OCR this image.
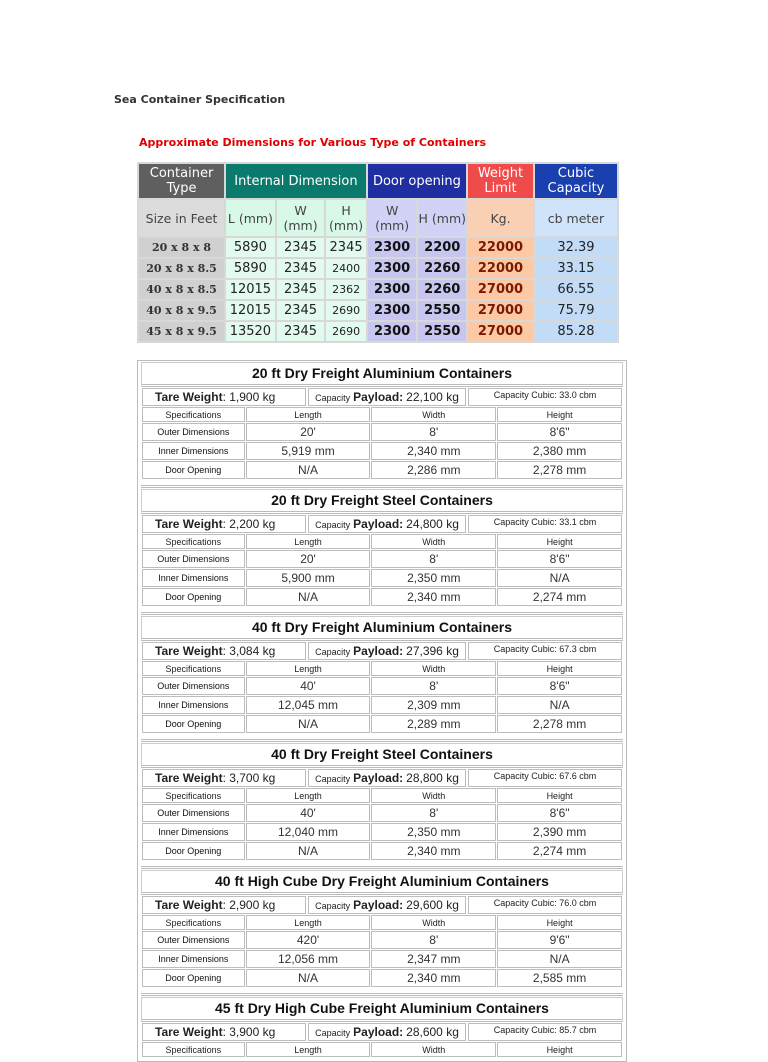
Sea Container Specification
Approximate Dimensions for Various Type of Containers
Container Type	Internal Dimension			Door opening		Weight Limit	Cubic Capacity
Size in Feet	L (mm)	W (mm)	H (mm)	W (mm)	H (mm)	Kg.	cb meter
20 x 8 x 8	5890	2345	2345	2300	2200	22000	32.39
20 x 8 x 8.5	5890	2345	2400	2300	2260	22000	33.15
40 x 8 x 8.5	12015	2345	2362	2300	2260	27000	66.55
40 x 8 x 9.5	12015	2345	2690	2300	2550	27000	75.79
45 x 8 x 9.5	13520	2345	2690	2300	2550	27000	85.28
20 ft Dry Freight Aluminium Containers
Tare Weight: 1,900 kg Capacity Payload: 22,100 kg Capacity Cubic: 33.0 cbm			

Specifications	Length	Width	Height
Outer Dimensions	20'	8'	8'6"
Inner Dimensions	5,919 mm	2,340 mm	2,380 mm
Door Opening	N/A	2,286 mm	2,278 mm
20 ft Dry Freight Steel Containers
Tare Weight: 2,200 kg Capacity Payload: 24,800 kg Capacity Cubic: 33.1 cbm			

Specifications	Length	Width	Height
Outer Dimensions	20'	8'	8'6"
Inner Dimensions	5,900 mm	2,350 mm	N/A
Door Opening	N/A	2,340 mm	2,274 mm
40 ft Dry Freight Aluminium Containers
Tare Weight: 3,084 kg Capacity Payload: 27,396 kg Capacity Cubic: 67.3 cbm			

Specifications	Length	Width	Height
Outer Dimensions	40'	8'	8'6"
Inner Dimensions	12,045 mm	2,309 mm	N/A
Door Opening	N/A	2,289 mm	2,278 mm
40 ft Dry Freight Steel Containers
Tare Weight: 3,700 kg Capacity Payload: 28,800 kg Capacity Cubic: 67.6 cbm			

Specifications	Length	Width	Height
Outer Dimensions	40'	8'	8'6"
Inner Dimensions	12,040 mm	2,350 mm	2,390 mm
Door Opening	N/A	2,340 mm	2,274 mm
40 ft High Cube Dry Freight Aluminium Containers
Tare Weight: 2,900 kg Capacity Payload: 29,600 kg Capacity Cubic: 76.0 cbm			

Specifications	Length	Width	Height
Outer Dimensions	420'	8'	9'6"
Inner Dimensions	12,056 mm	2,347 mm	N/A
Door Opening	N/A	2,340 mm	2,585 mm
45 ft Dry High Cube Freight Aluminium Containers
Tare Weight: 3,900 kg	Capacity Payload: 28,600 kg	Capacity Cubic: 85.7 cbm

Specifications	Length	Width	Height
